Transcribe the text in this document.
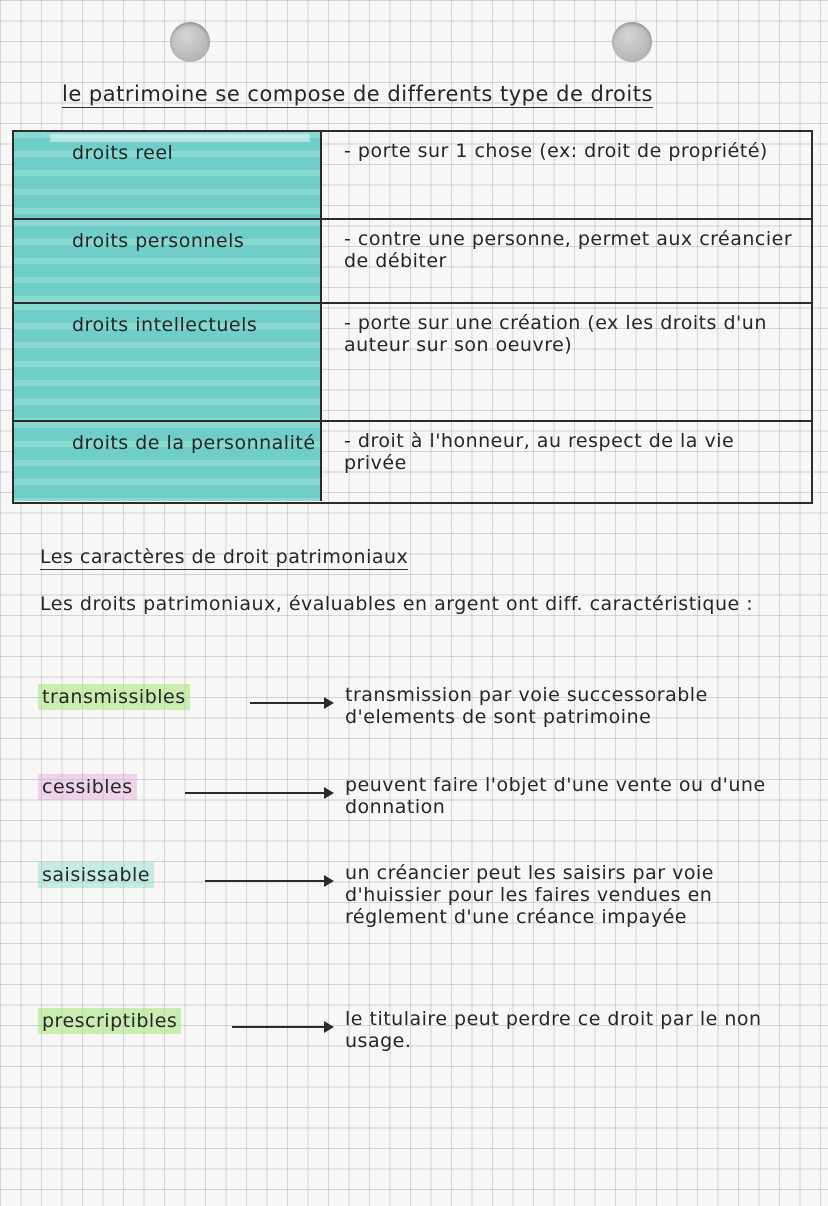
le patrimoine se compose de differents type de droits
droits reel	- porte sur 1 chose (ex: droit de propriété)
droits personnels	- contre une personne, permet aux créancier de débiter
droits intellectuels	- porte sur une création (ex les droits d'un auteur sur son oeuvre)
droits de la personnalité - droit à l'honneur, au respect de la vie privée
Les caractères de droit patrimoniaux
Les droits patrimoniaux, évaluables en argent ont diff. caractéristique :
transmissibles	transmission par voie successorable d'elements de sont patrimoine
cessibles	peuvent faire l'objet d'une vente ou d'une donnation
saisissable	un créancier peut les saisirs par voie d'huissier pour les faires vendues en réglement d'une créance impayée
prescriptibles	le titulaire peut perdre ce droit par le non usage.
